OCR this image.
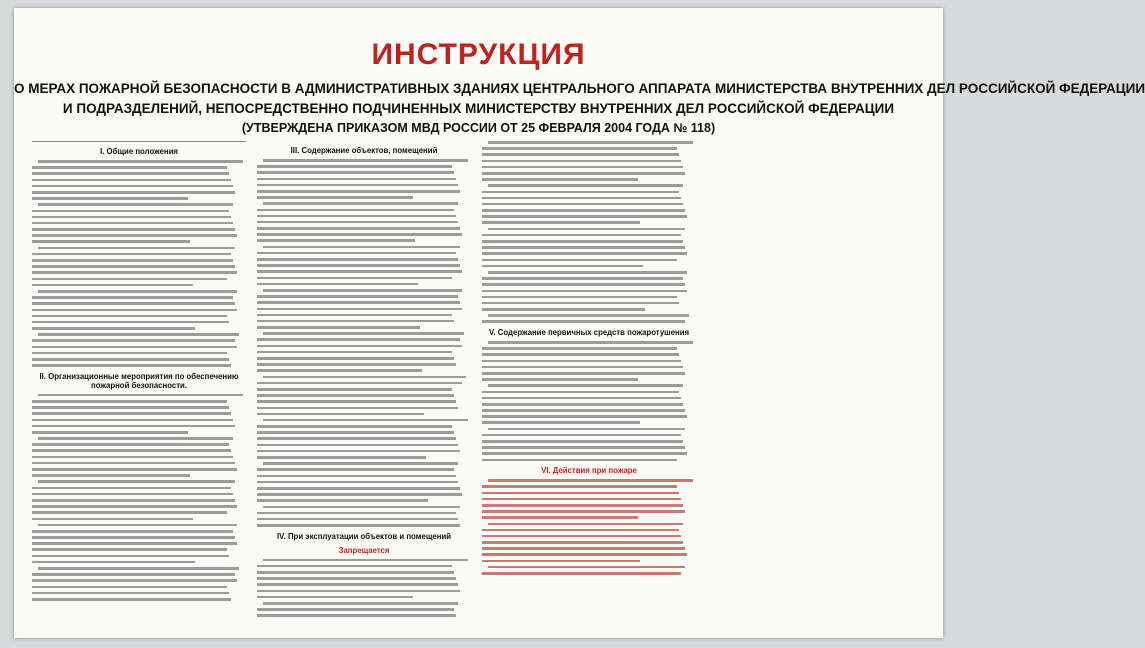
ИНСТРУКЦИЯ
О МЕРАХ ПОЖАРНОЙ БЕЗОПАСНОСТИ В АДМИНИСТРАТИВНЫХ ЗДАНИЯХ ЦЕНТРАЛЬНОГО АППАРАТА МИНИСТЕРСТВА ВНУТРЕННИХ ДЕЛ РОССИЙСКОЙ ФЕДЕРАЦИИ
И ПОДРАЗДЕЛЕНИЙ, НЕПОСРЕДСТВЕННО ПОДЧИНЕННЫХ МИНИСТЕРСТВУ ВНУТРЕННИХ ДЕЛ РОССИЙСКОЙ ФЕДЕРАЦИИ
(УТВЕРЖДЕНА ПРИКАЗОМ МВД РОССИИ ОТ 25 ФЕВРАЛЯ 2004 ГОДА № 118)
I. Общие положения
II. Организационные мероприятия по обеспечению пожарной безопасности.
III. Содержание объектов, помещений
IV. При эксплуатации объектов и помещений
Запрещается
V. Содержание первичных средств пожаротушения
VI. Действия при пожаре
